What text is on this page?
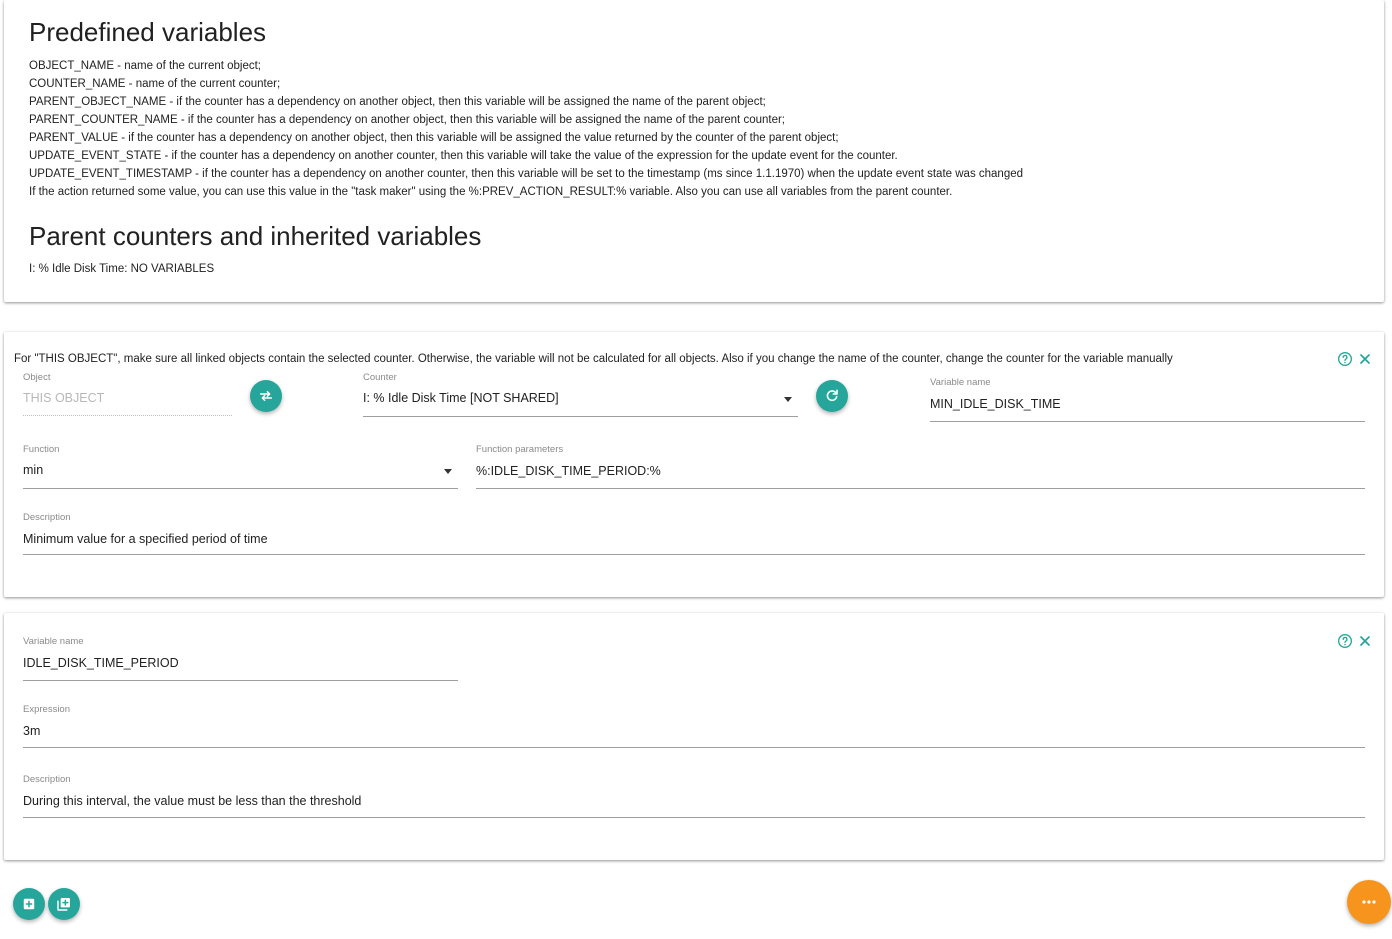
Predefined variables
OBJECT_NAME - name of the current object;
COUNTER_NAME - name of the current counter;
PARENT_OBJECT_NAME - if the counter has a dependency on another object, then this variable will be assigned the name of the parent object;
PARENT_COUNTER_NAME - if the counter has a dependency on another object, then this variable will be assigned the name of the parent counter;
PARENT_VALUE - if the counter has a dependency on another object, then this variable will be assigned the value returned by the counter of the parent object;
UPDATE_EVENT_STATE - if the counter has a dependency on another counter, then this variable will take the value of the expression for the update event for the counter.
UPDATE_EVENT_TIMESTAMP - if the counter has a dependency on another counter, then this variable will be set to the timestamp (ms since 1.1.1970) when the update event state was changed
If the action returned some value, you can use this value in the "task maker" using the %:PREV_ACTION_RESULT:% variable. Also you can use all variables from the parent counter.
Parent counters and inherited variables
I: % Idle Disk Time: NO VARIABLES
For "THIS OBJECT", make sure all linked objects contain the selected counter. Otherwise, the variable will not be calculated for all objects. Also if you change the name of the counter, change the counter for the variable manually
Object
THIS OBJECT
Counter
I: % Idle Disk Time [NOT SHARED]
Variable name
MIN_IDLE_DISK_TIME
Function
min
Function parameters
%:IDLE_DISK_TIME_PERIOD:%
Description
Minimum value for a specified period of time
Variable name
IDLE_DISK_TIME_PERIOD
Expression
3m
Description
During this interval, the value must be less than the threshold
